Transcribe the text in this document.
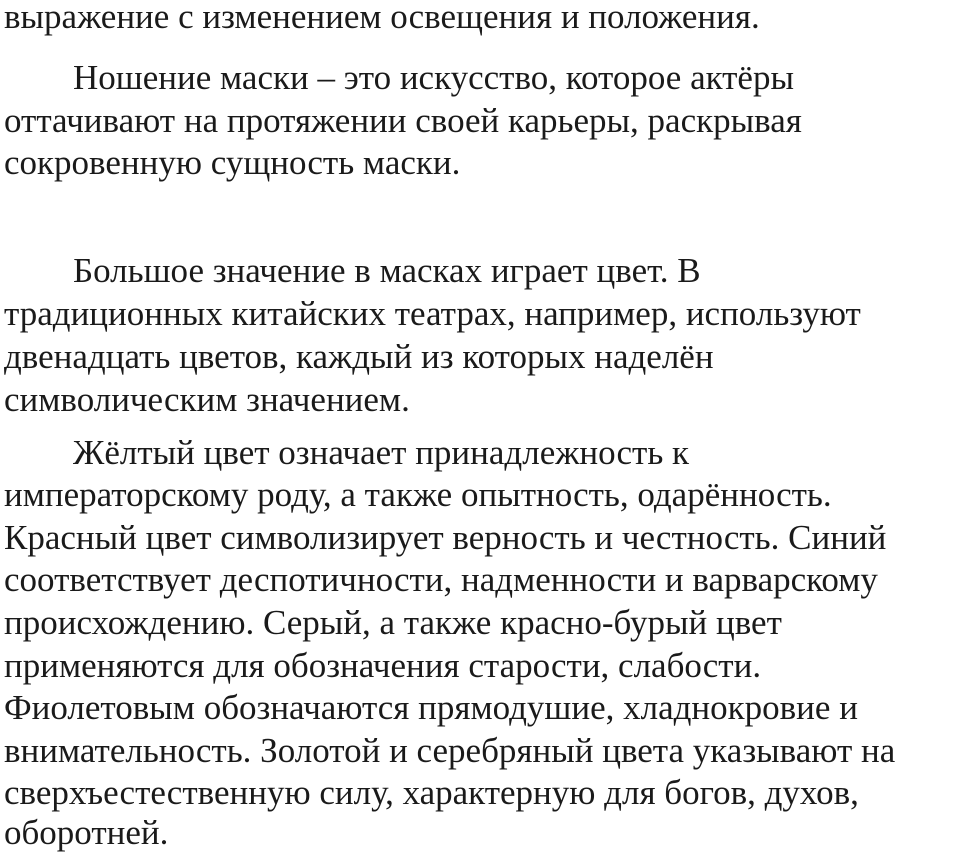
выражение с изменением освещения и положения.
Ношение маски – это искусство, которое актёры
оттачивают на протяжении своей карьеры, раскрывая
сокровенную сущность маски.
Большое значение в масках играет цвет. В
традиционных китайских театрах, например, используют
двенадцать цветов, каждый из которых наделён
символическим значением.
Жёлтый цвет означает принадлежность к
императорскому роду, а также опытность, одарённость.
Красный цвет символизирует верность и честность. Синий
соответствует деспотичности, надменности и варварскому
происхождению. Серый, а также красно-бурый цвет
применяются для обозначения старости, слабости.
Фиолетовым обозначаются прямодушие, хладнокровие и
внимательность. Золотой и серебряный цвета указывают на
сверхъестественную силу, характерную для богов, духов,
оборотней.
